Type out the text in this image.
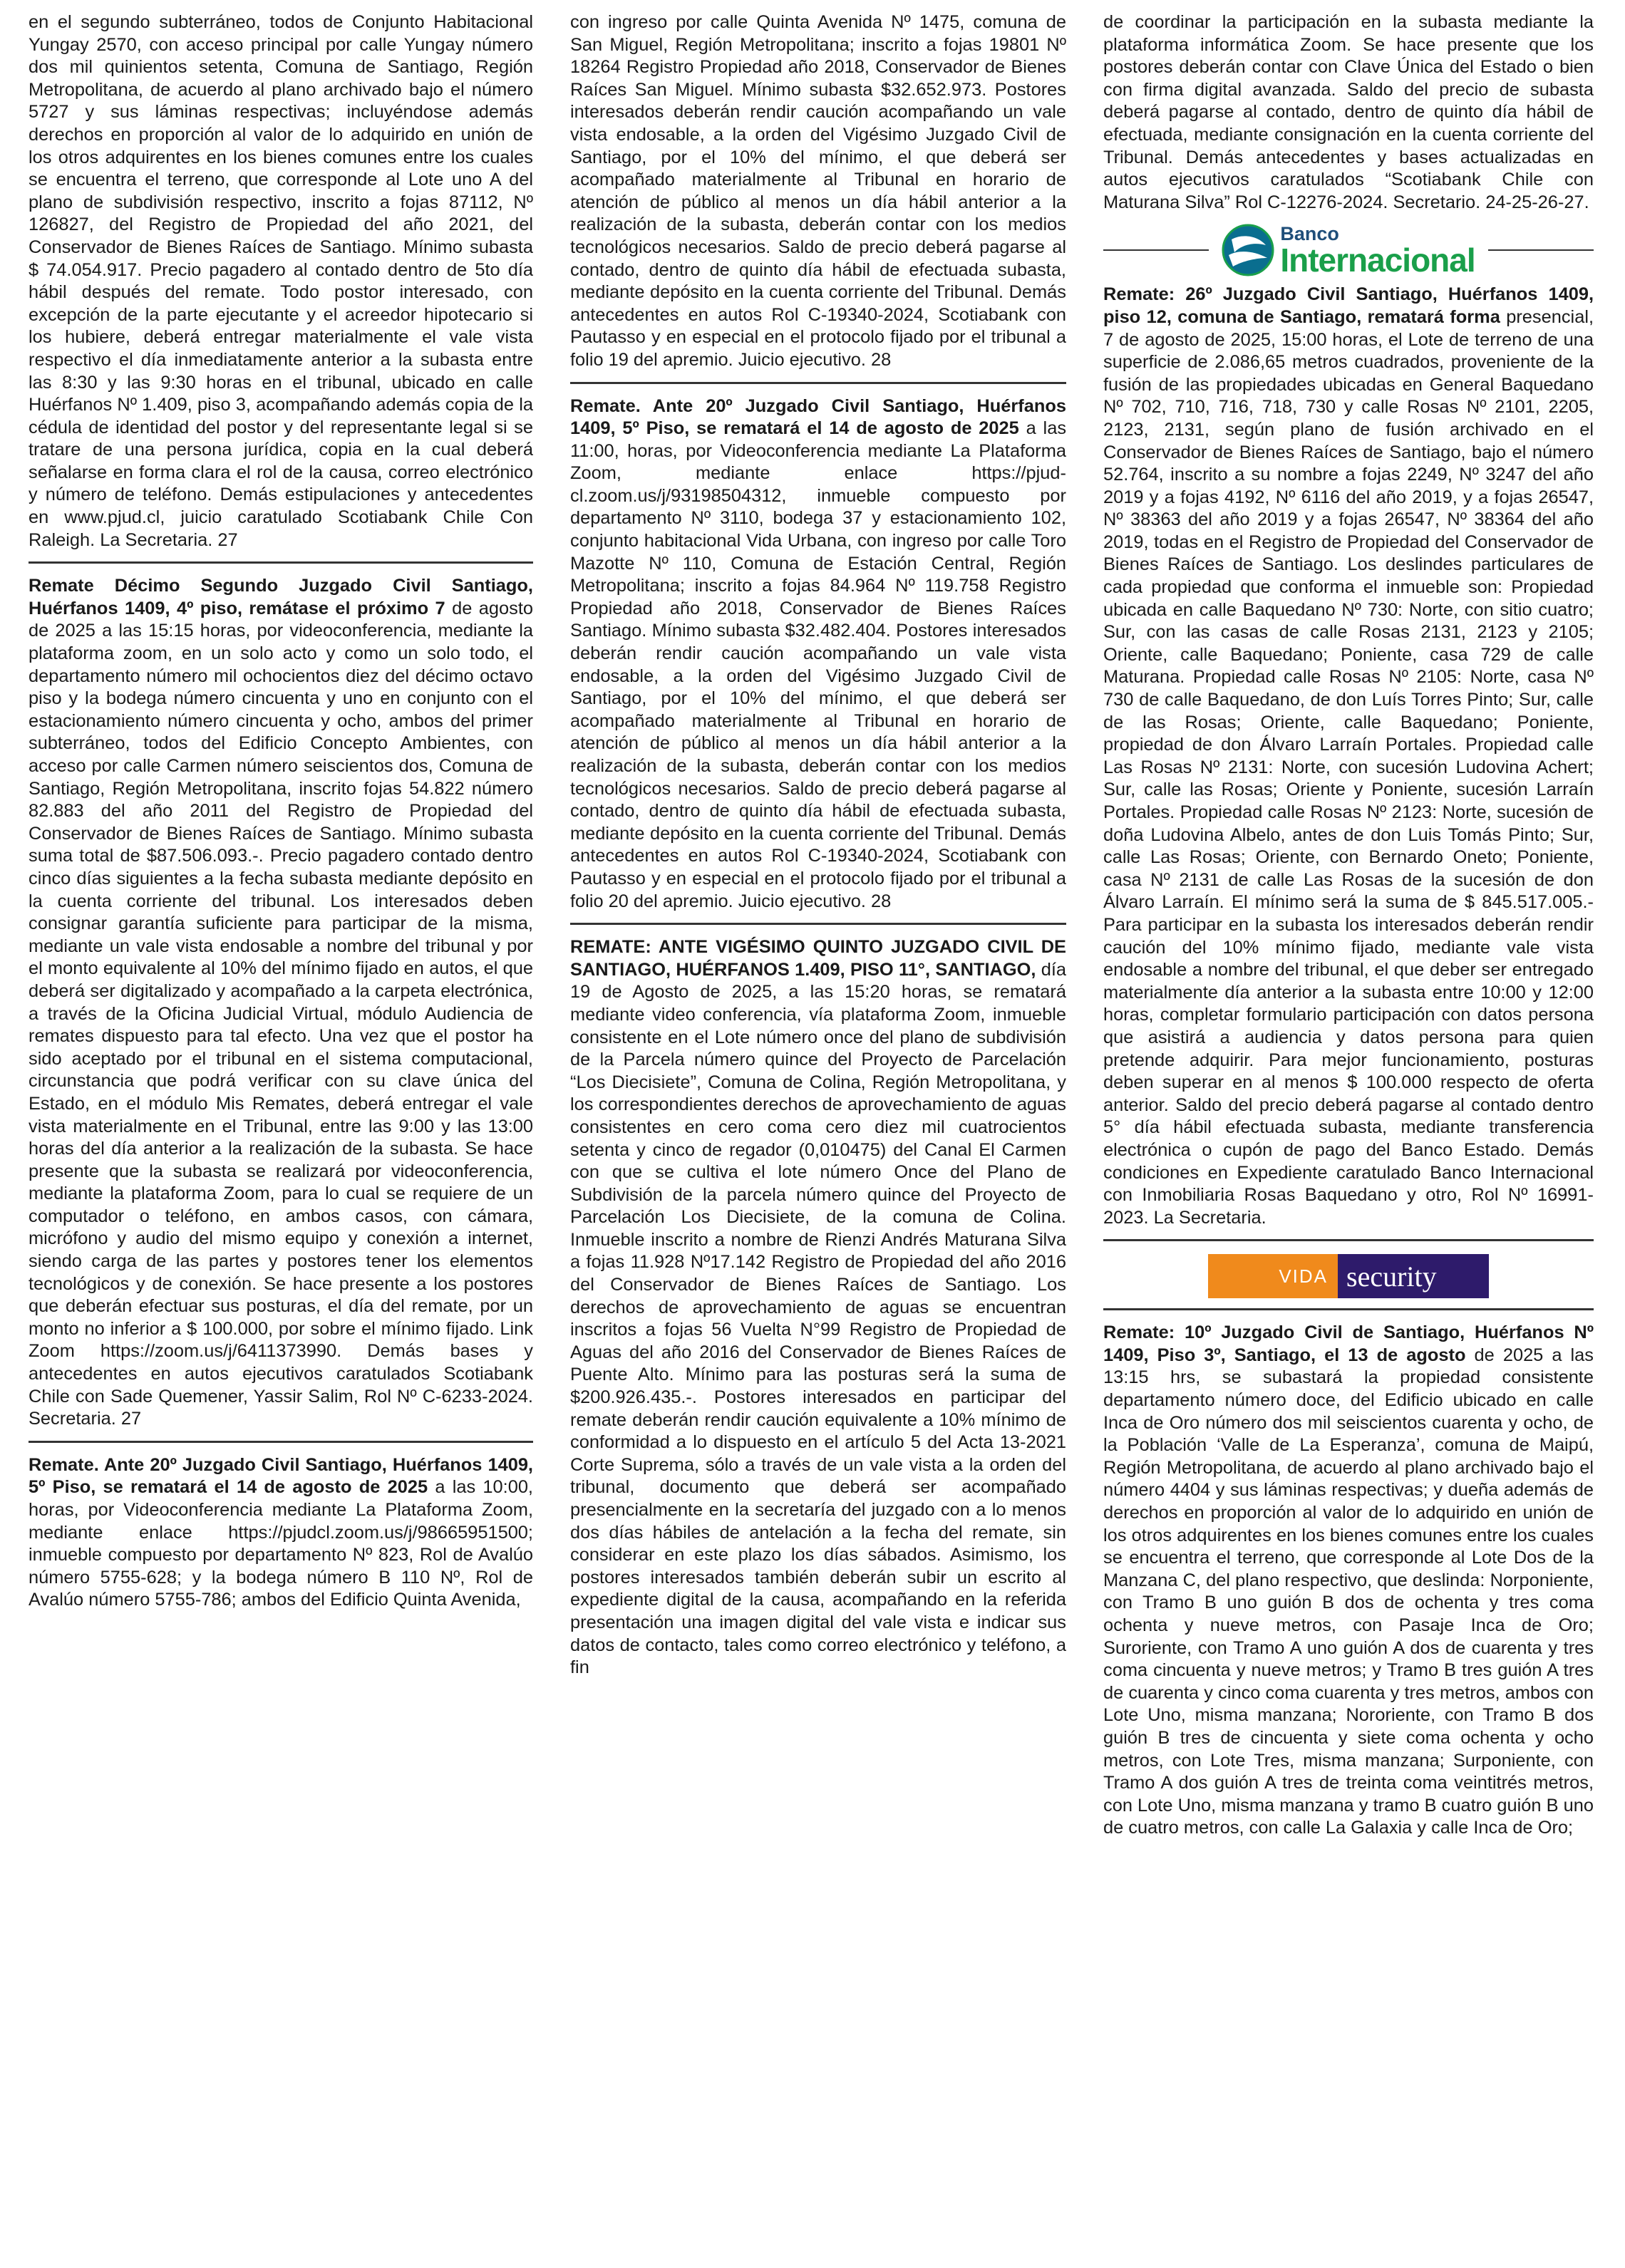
en el segundo subterráneo, todos de Conjunto Habitacional Yungay 2570, con acceso principal por calle Yungay número dos mil quinientos setenta, Comuna de Santiago, Región Metropolitana, de acuerdo al plano archivado bajo el número 5727 y sus láminas respectivas; incluyéndose además derechos en proporción al valor de lo adquirido en unión de los otros adquirentes en los bienes comunes entre los cuales se encuentra el terreno, que corresponde al Lote uno A del plano de subdivisión respectivo, inscrito a fojas 87112, Nº 126827, del Registro de Propiedad del año 2021, del Conservador de Bienes Raíces de Santiago. Mínimo subasta $ 74.054.917. Precio pagadero al contado dentro de 5to día hábil después del remate. Todo postor interesado, con excepción de la parte ejecutante y el acreedor hipotecario si los hubiere, deberá entregar materialmente el vale vista respectivo el día inmediatamente anterior a la subasta entre las 8:30 y las 9:30 horas en el tribunal, ubicado en calle Huérfanos Nº 1.409, piso 3, acompañando además copia de la cédula de identidad del postor y del representante legal si se tratare de una persona jurídica, copia en la cual deberá señalarse en forma clara el rol de la causa, correo electrónico y número de teléfono. Demás estipulaciones y antecedentes en www.pjud.cl, juicio caratulado Scotiabank Chile Con Raleigh. La Secretaria. 27

Remate Décimo Segundo Juzgado Civil Santiago, Huérfanos 1409, 4º piso, remátase el próximo 7 de agosto de 2025 a las 15:15 horas, por videoconferencia, mediante la plataforma zoom, en un solo acto y como un solo todo, el departamento número mil ochocientos diez del décimo octavo piso y la bodega número cincuenta y uno en conjunto con el estacionamiento número cincuenta y ocho, ambos del primer subterráneo, todos del Edificio Concepto Ambientes, con acceso por calle Carmen número seiscientos dos, Comuna de Santiago, Región Metropolitana, inscrito fojas 54.822 número 82.883 del año 2011 del Registro de Propiedad del Conservador de Bienes Raíces de Santiago. Mínimo subasta suma total de $87.506.093.-. Precio pagadero contado dentro cinco días siguientes a la fecha subasta mediante depósito en la cuenta corriente del tribunal. Los interesados deben consignar garantía suficiente para participar de la misma, mediante un vale vista endosable a nombre del tribunal y por el monto equivalente al 10% del mínimo fijado en autos, el que deberá ser digitalizado y acompañado a la carpeta electrónica, a través de la Oficina Judicial Virtual, módulo Audiencia de remates dispuesto para tal efecto. Una vez que el postor ha sido aceptado por el tribunal en el sistema computacional, circunstancia que podrá verificar con su clave única del Estado, en el módulo Mis Remates, deberá entregar el vale vista materialmente en el Tribunal, entre las 9:00 y las 13:00 horas del día anterior a la realización de la subasta. Se hace presente que la subasta se realizará por videoconferencia, mediante la plataforma Zoom, para lo cual se requiere de un computador o teléfono, en ambos casos, con cámara, micrófono y audio del mismo equipo y conexión a internet, siendo carga de las partes y postores tener los elementos tecnológicos y de conexión. Se hace presente a los postores que deberán efectuar sus posturas, el día del remate, por un monto no inferior a $ 100.000, por sobre el mínimo fijado. Link Zoom https://zoom.us/j/6411373990. Demás bases y antecedentes en autos ejecutivos caratulados Scotiabank Chile con Sade Quemener, Yassir Salim, Rol Nº C-6233-2024. Secretaria. 27

Remate. Ante 20º Juzgado Civil Santiago, Huérfanos 1409, 5º Piso, se rematará el 14 de agosto de 2025 a las 10:00, horas, por Videoconferencia mediante La Plataforma Zoom, mediante enlace https://pjudcl.zoom.us/j/98665951500; inmueble compuesto por departamento Nº 823, Rol de Avalúo número 5755-628; y la bodega número B 110 Nº, Rol de Avalúo número 5755-786; ambos del Edificio Quinta Avenida,

con ingreso por calle Quinta Avenida Nº 1475, comuna de San Miguel, Región Metropolitana; inscrito a fojas 19801 Nº 18264 Registro Propiedad año 2018, Conservador de Bienes Raíces San Miguel. Mínimo subasta $32.652.973. Postores interesados deberán rendir caución acompañando un vale vista endosable, a la orden del Vigésimo Juzgado Civil de Santiago, por el 10% del mínimo, el que deberá ser acompañado materialmente al Tribunal en horario de atención de público al menos un día hábil anterior a la realización de la subasta, deberán contar con los medios tecnológicos necesarios. Saldo de precio deberá pagarse al contado, dentro de quinto día hábil de efectuada subasta, mediante depósito en la cuenta corriente del Tribunal. Demás antecedentes en autos Rol C-19340-2024, Scotiabank con Pautasso y en especial en el protocolo fijado por el tribunal a folio 19 del apremio. Juicio ejecutivo. 28

Remate. Ante 20º Juzgado Civil Santiago, Huérfanos 1409, 5º Piso, se rematará el 14 de agosto de 2025 a las 11:00, horas, por Videoconferencia mediante La Plataforma Zoom, mediante enlace https://pjud-cl.zoom.us/j/93198504312, inmueble compuesto por departamento Nº 3110, bodega 37 y estacionamiento 102, conjunto habitacional Vida Urbana, con ingreso por calle Toro Mazotte Nº 110, Comuna de Estación Central, Región Metropolitana; inscrito a fojas 84.964 Nº 119.758 Registro Propiedad año 2018, Conservador de Bienes Raíces Santiago. Mínimo subasta $32.482.404. Postores interesados deberán rendir caución acompañando un vale vista endosable, a la orden del Vigésimo Juzgado Civil de Santiago, por el 10% del mínimo, el que deberá ser acompañado materialmente al Tribunal en horario de atención de público al menos un día hábil anterior a la realización de la subasta, deberán contar con los medios tecnológicos necesarios. Saldo de precio deberá pagarse al contado, dentro de quinto día hábil de efectuada subasta, mediante depósito en la cuenta corriente del Tribunal. Demás antecedentes en autos Rol C-19340-2024, Scotiabank con Pautasso y en especial en el protocolo fijado por el tribunal a folio 20 del apremio. Juicio ejecutivo. 28

REMATE: ANTE VIGÉSIMO QUINTO JUZGADO CIVIL DE SANTIAGO, HUÉRFANOS 1.409, PISO 11°, SANTIAGO, día 19 de Agosto de 2025, a las 15:20 horas, se rematará mediante video conferencia, vía plataforma Zoom, inmueble consistente en el Lote número once del plano de subdivisión de la Parcela número quince del Proyecto de Parcelación “Los Diecisiete”, Comuna de Colina, Región Metropolitana, y los correspondientes derechos de aprovechamiento de aguas consistentes en cero coma cero diez mil cuatrocientos setenta y cinco de regador (0,010475) del Canal El Carmen con que se cultiva el lote número Once del Plano de Subdivisión de la parcela número quince del Proyecto de Parcelación Los Diecisiete, de la comuna de Colina. Inmueble inscrito a nombre de Rienzi Andrés Maturana Silva a fojas 11.928 Nº17.142 Registro de Propiedad del año 2016 del Conservador de Bienes Raíces de Santiago. Los derechos de aprovechamiento de aguas se encuentran inscritos a fojas 56 Vuelta N°99 Registro de Propiedad de Aguas del año 2016 del Conservador de Bienes Raíces de Puente Alto. Mínimo para las posturas será la suma de $200.926.435.-. Postores interesados en participar del remate deberán rendir caución equivalente a 10% mínimo de conformidad a lo dispuesto en el artículo 5 del Acta 13-2021 Corte Suprema, sólo a través de un vale vista a la orden del tribunal, documento que deberá ser acompañado presencialmente en la secretaría del juzgado con a lo menos dos días hábiles de antelación a la fecha del remate, sin considerar en este plazo los días sábados. Asimismo, los postores interesados también deberán subir un escrito al expediente digital de la causa, acompañando en la referida presentación una imagen digital del vale vista e indicar sus datos de contacto, tales como correo electrónico y teléfono, a fin

de coordinar la participación en la subasta mediante la plataforma informática Zoom. Se hace presente que los postores deberán contar con Clave Única del Estado o bien con firma digital avanzada. Saldo del precio de subasta deberá pagarse al contado, dentro de quinto día hábil de efectuada, mediante consignación en la cuenta corriente del Tribunal. Demás antecedentes y bases actualizadas en autos ejecutivos caratulados “Scotiabank Chile con Maturana Silva” Rol C-12276-2024. Secretario. 24-25-26-27.

Banco
Internacional

Remate: 26º Juzgado Civil Santiago, Huérfanos 1409, piso 12, comuna de Santiago, rematará forma presencial, 7 de agosto de 2025, 15:00 horas, el Lote de terreno de una superficie de 2.086,65 metros cuadrados, proveniente de la fusión de las propiedades ubicadas en General Baquedano Nº 702, 710, 716, 718, 730 y calle Rosas Nº 2101, 2205, 2123, 2131, según plano de fusión archivado en el Conservador de Bienes Raíces de Santiago, bajo el número 52.764, inscrito a su nombre a fojas 2249, Nº 3247 del año 2019 y a fojas 4192, Nº 6116 del año 2019, y a fojas 26547, Nº 38363 del año 2019 y a fojas 26547, Nº 38364 del año 2019, todas en el Registro de Propiedad del Conservador de Bienes Raíces de Santiago. Los deslindes particulares de cada propiedad que conforma el inmueble son: Propiedad ubicada en calle Baquedano Nº 730: Norte, con sitio cuatro; Sur, con las casas de calle Rosas 2131, 2123 y 2105; Oriente, calle Baquedano; Poniente, casa 729 de calle Maturana. Propiedad calle Rosas Nº 2105: Norte, casa Nº 730 de calle Baquedano, de don Luís Torres Pinto; Sur, calle de las Rosas; Oriente, calle Baquedano; Poniente, propiedad de don Álvaro Larraín Portales. Propiedad calle Las Rosas Nº 2131: Norte, con sucesión Ludovina Achert; Sur, calle las Rosas; Oriente y Poniente, sucesión Larraín Portales. Propiedad calle Rosas Nº 2123: Norte, sucesión de doña Ludovina Albelo, antes de don Luis Tomás Pinto; Sur, calle Las Rosas; Oriente, con Bernardo Oneto; Poniente, casa Nº 2131 de calle Las Rosas de la sucesión de don Álvaro Larraín. El mínimo será la suma de $ 845.517.005.- Para participar en la subasta los interesados deberán rendir caución del 10% mínimo fijado, mediante vale vista endosable a nombre del tribunal, el que deber ser entregado materialmente día anterior a la subasta entre 10:00 y 12:00 horas, completar formulario participación con datos persona que asistirá a audiencia y datos persona para quien pretende adquirir. Para mejor funcionamiento, posturas deben superar en al menos $ 100.000 respecto de oferta anterior. Saldo del precio deberá pagarse al contado dentro 5° día hábil efectuada subasta, mediante transferencia electrónica o cupón de pago del Banco Estado. Demás condiciones en Expediente caratulado Banco Internacional con Inmobiliaria Rosas Baquedano y otro, Rol Nº 16991-2023. La Secretaria.

VIDA security

Remate: 10º Juzgado Civil de Santiago, Huérfanos Nº 1409, Piso 3º, Santiago, el 13 de agosto de 2025 a las 13:15 hrs, se subastará la propiedad consistente departamento número doce, del Edificio ubicado en calle Inca de Oro número dos mil seiscientos cuarenta y ocho, de la Población ‘Valle de La Esperanza’, comuna de Maipú, Región Metropolitana, de acuerdo al plano archivado bajo el número 4404 y sus láminas respectivas; y dueña además de derechos en proporción al valor de lo adquirido en unión de los otros adquirentes en los bienes comunes entre los cuales se encuentra el terreno, que corresponde al Lote Dos de la Manzana C, del plano respectivo, que deslinda: Norponiente, con Tramo B uno guión B dos de ochenta y tres coma ochenta y nueve metros, con Pasaje Inca de Oro; Suroriente, con Tramo A uno guión A dos de cuarenta y tres coma cincuenta y nueve metros; y Tramo B tres guión A tres de cuarenta y cinco coma cuarenta y tres metros, ambos con Lote Uno, misma manzana; Nororiente, con Tramo B dos guión B tres de cincuenta y siete coma ochenta y ocho metros, con Lote Tres, misma manzana; Surponiente, con Tramo A dos guión A tres de treinta coma veintitrés metros, con Lote Uno, misma manzana y tramo B cuatro guión B uno de cuatro metros, con calle La Galaxia y calle Inca de Oro;
